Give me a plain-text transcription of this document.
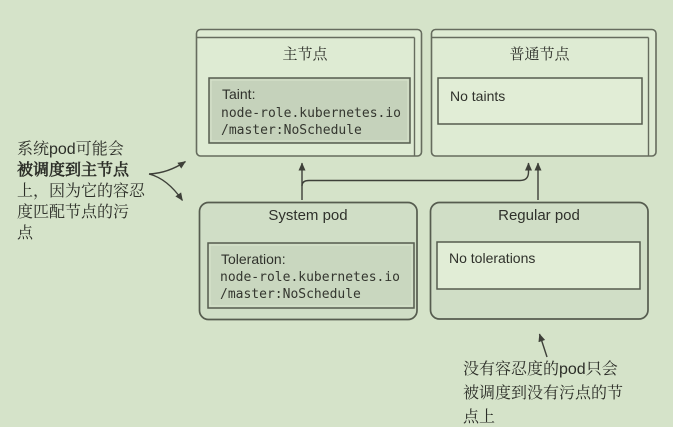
主节点
Taint:
node-role.kubernetes.io
/master:NoSchedule
普通节点
No taints
System pod
Toleration:
node-role.kubernetes.io
/master:NoSchedule
Regular pod
No tolerations
系统pod可能会
被调度到主节点
上，因为它的容忍
度匹配节点的污
点
没有容忍度的pod只会
被调度到没有污点的节
点上
